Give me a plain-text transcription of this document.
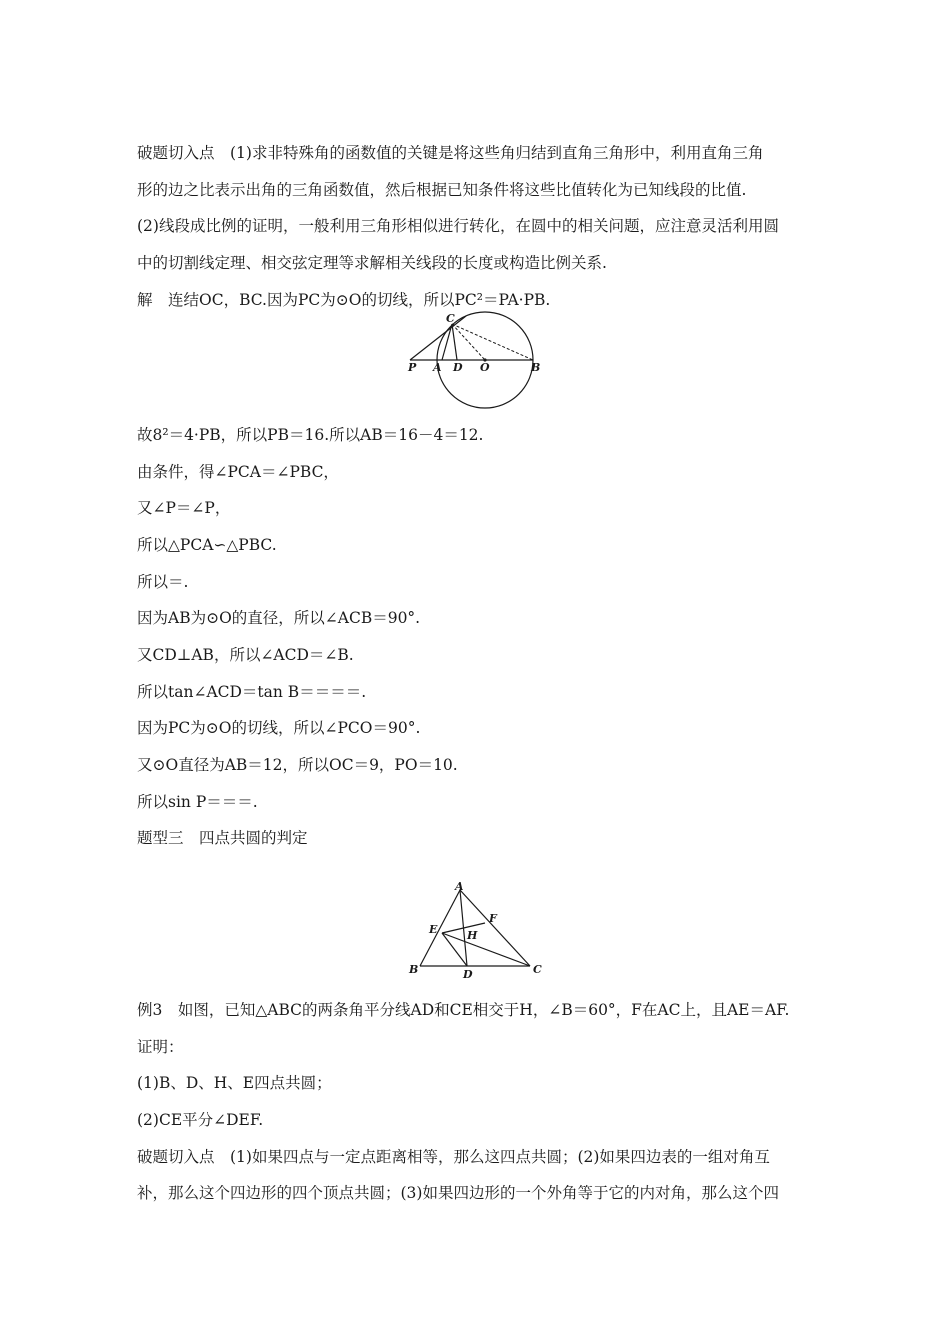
破题切入点　(1)求非特殊角的函数值的关键是将这些角归结到直角三角形中，利用直角三角
形的边之比表示出角的三角函数值，然后根据已知条件将这些比值转化为已知线段的比值.
(2)线段成比例的证明，一般利用三角形相似进行转化，在圆中的相关问题，应注意灵活利用圆
中的切割线定理、相交弦定理等求解相关线段的长度或构造比例关系.
解　连结OC，BC.因为PC为⊙O的切线，所以PC²＝PA·PB.
C
P A D O	B
故8²＝4·PB，所以PB＝16.所以AB＝16－4＝12.
由条件，得∠PCA＝∠PBC，
又∠P＝∠P，
所以△PCA∽△PBC.
所以＝.
因为AB为⊙O的直径，所以∠ACB＝90°.
又CD⊥AB，所以∠ACD＝∠B.
所以tan∠ACD＝tan B＝＝＝＝.
因为PC为⊙O的切线，所以∠PCO＝90°.
又⊙O直径为AB＝12，所以OC＝9，PO＝10.
所以sin P＝＝＝.
题型三　四点共圆的判定
A
F
E	H
B	D	C
例3　如图，已知△ABC的两条角平分线AD和CE相交于H，∠B＝60°，F在AC上，且AE＝AF.
证明：
(1)B、D、H、E四点共圆；
(2)CE平分∠DEF.
破题切入点　(1)如果四点与一定点距离相等，那么这四点共圆；(2)如果四边表的一组对角互
补，那么这个四边形的四个顶点共圆；(3)如果四边形的一个外角等于它的内对角，那么这个四
